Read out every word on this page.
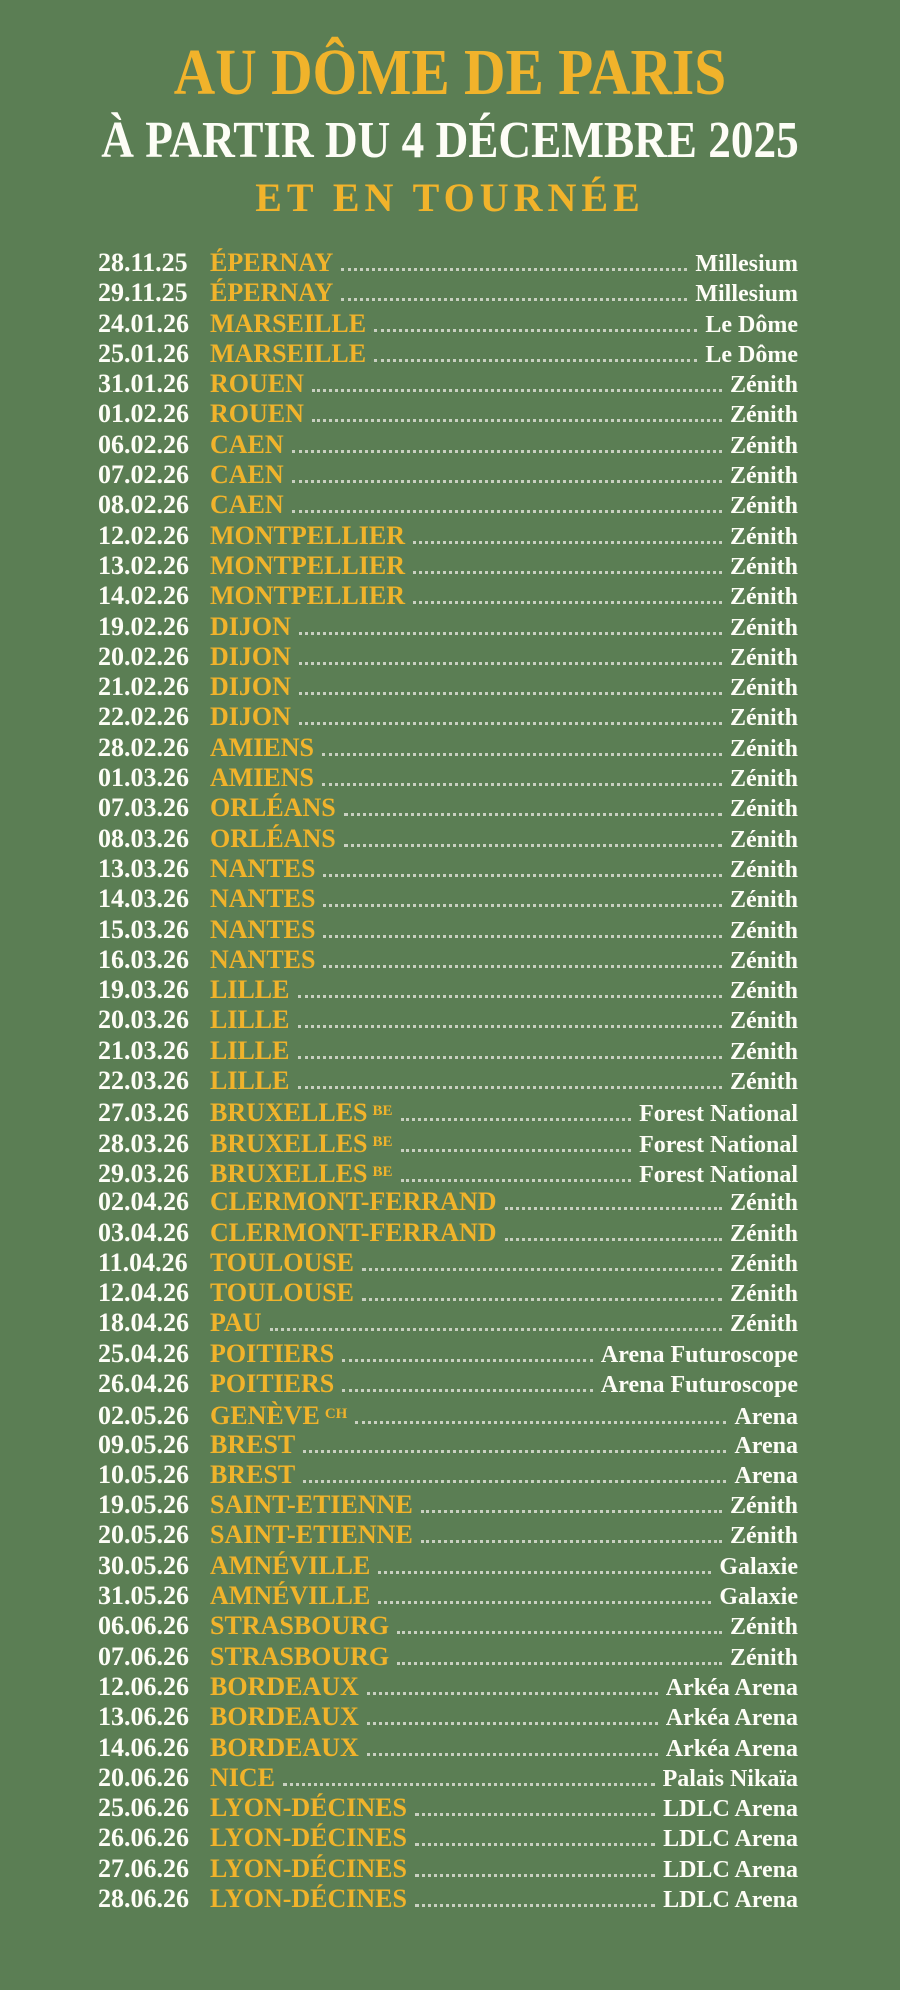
AU DÔME DE PARIS
À PARTIR DU 4 DÉCEMBRE 2025
ET EN TOURNÉE
28.11.25 ÉPERNAY	Millesium
29.11.25 ÉPERNAY	Millesium
24.01.26 MARSEILLE	Le Dôme
25.01.26 MARSEILLE	Le Dôme
31.01.26 ROUEN	Zénith
01.02.26 ROUEN	Zénith
06.02.26 CAEN	Zénith
07.02.26 CAEN	Zénith
08.02.26 CAEN	Zénith
12.02.26 MONTPELLIER	Zénith
13.02.26 MONTPELLIER	Zénith
14.02.26 MONTPELLIER	Zénith
19.02.26 DIJON	Zénith
20.02.26 DIJON	Zénith
21.02.26 DIJON	Zénith
22.02.26 DIJON	Zénith
28.02.26 AMIENS	Zénith
01.03.26 AMIENS	Zénith
07.03.26 ORLÉANS	Zénith
08.03.26 ORLÉANS	Zénith
13.03.26 NANTES	Zénith
14.03.26 NANTES	Zénith
15.03.26 NANTES	Zénith
16.03.26 NANTES	Zénith
19.03.26 LILLE	Zénith
20.03.26 LILLE	Zénith
21.03.26 LILLE	Zénith
22.03.26 LILLE	Zénith
27.03.26 BRUXELLES $^{BE}$	Forest National
28.03.26 BRUXELLES $^{BE}$	Forest National
29.03.26 BRUXELLES $^{BE}$	Forest National
02.04.26 CLERMONT-FERRAND	Zénith
03.04.26 CLERMONT-FERRAND	Zénith
11.04.26 TOULOUSE	Zénith
12.04.26 TOULOUSE	Zénith
18.04.26 PAU	Zénith
25.04.26 POITIERS	Arena Futuroscope
26.04.26 POITIERS	Arena Futuroscope
02.05.26 GENÈVE $^{CH}$	Arena
09.05.26 BREST	Arena
10.05.26 BREST	Arena
19.05.26 SAINT-ETIENNE	Zénith
20.05.26 SAINT-ETIENNE	Zénith
30.05.26 AMNÉVILLE	Galaxie
31.05.26 AMNÉVILLE	Galaxie
06.06.26 STRASBOURG	Zénith
07.06.26 STRASBOURG	Zénith
12.06.26 BORDEAUX	Arkéa Arena
13.06.26 BORDEAUX	Arkéa Arena
14.06.26 BORDEAUX	Arkéa Arena
20.06.26 NICE	Palais Nikaïa
25.06.26 LYON-DÉCINES	LDLC Arena
26.06.26 LYON-DÉCINES	LDLC Arena
27.06.26 LYON-DÉCINES	LDLC Arena
28.06.26 LYON-DÉCINES	LDLC Arena
